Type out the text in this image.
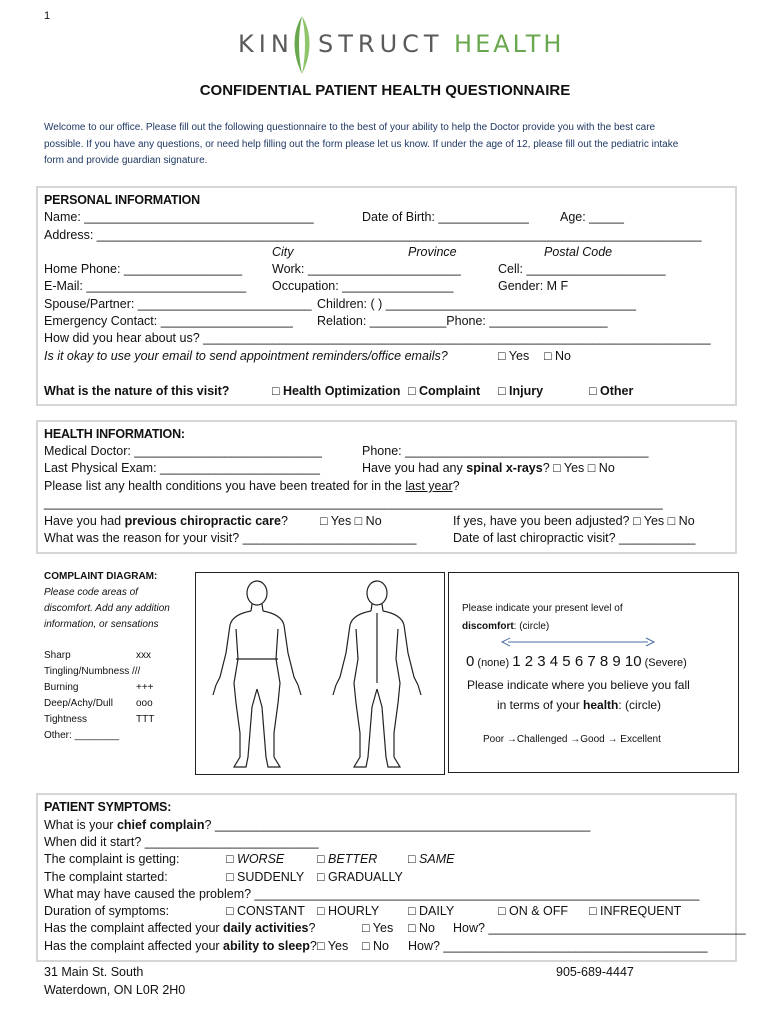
1
KIN STRUCT HEALTH
CONFIDENTIAL PATIENT HEALTH QUESTIONNAIRE
Welcome to our office. Please fill out the following questionnaire to the best of your ability to help the Doctor provide you with the best care
possible. If you have any questions, or need help filling out the form please let us know. If under the age of 12, please fill out the pediatric intake
form and provide guardian signature.
PERSONAL INFORMATION
Name: _________________________________	Date of Birth: _____________ Age: _____
Address: _______________________________________________________________________________________
City	Province	Postal Code
Home Phone: _________________ Work: ______________________	Cell: ____________________
E-Mail: _______________________ Occupation: ________________	Gender: M F
Spouse/Partner: _________________________ Children: ( ) ____________________________________
Emergency Contact: ___________________ Relation: ___________Phone: _________________
How did you hear about us? _________________________________________________________________________
Is it okay to use your email to send appointment reminders/office emails?	□ Yes □ No
What is the nature of this visit?	□ Health Optimization □ Complaint □ Injury	□ Other
HEALTH INFORMATION:
Medical Doctor: ___________________________	Phone: ___________________________________
Last Physical Exam: _______________________	Have you had any spinal x-rays? □ Yes □ No
Please list any health conditions you have been treated for in the last year?
_________________________________________________________________________________________
Have you had previous chiropractic care?	□ Yes □ No	If yes, have you been adjusted? □ Yes □ No
What was the reason for your visit? _________________________	Date of last chiropractic visit? ___________
COMPLAINT DIAGRAM:
Please code areas of
discomfort. Add any addition
information, or sensations
Sharp	xxx
Tingling/Numbness ///
Burning	+++
Deep/Achy/Dull ooo
Tightness	TTT
Other: ________
Please indicate your present level of
discomfort: (circle)
0 (none) 1 2 3 4 5 6 7 8 9 10 (Severe)
Please indicate where you believe you fall
in terms of your health: (circle)
Poor →Challenged →Good → Excellent
PATIENT SYMPTOMS:
What is your chief complain? ______________________________________________________
When did it start? _________________________
The complaint is getting:	□ WORSE	□ BETTER □ SAME
The complaint started:	□ SUDDENLY □ GRADUALLY
What may have caused the problem? ________________________________________________________________
Duration of symptoms:	□ CONSTANT □ HOURLY □ DAILY	□ ON & OFF □ INFREQUENT
Has the complaint affected your daily activities?	□ Yes □ No How? _____________________________________
Has the complaint affected your ability to sleep? □ Yes □ No How? ______________________________________
31 Main St. South
Waterdown, ON L0R 2H0
905-689-4447
